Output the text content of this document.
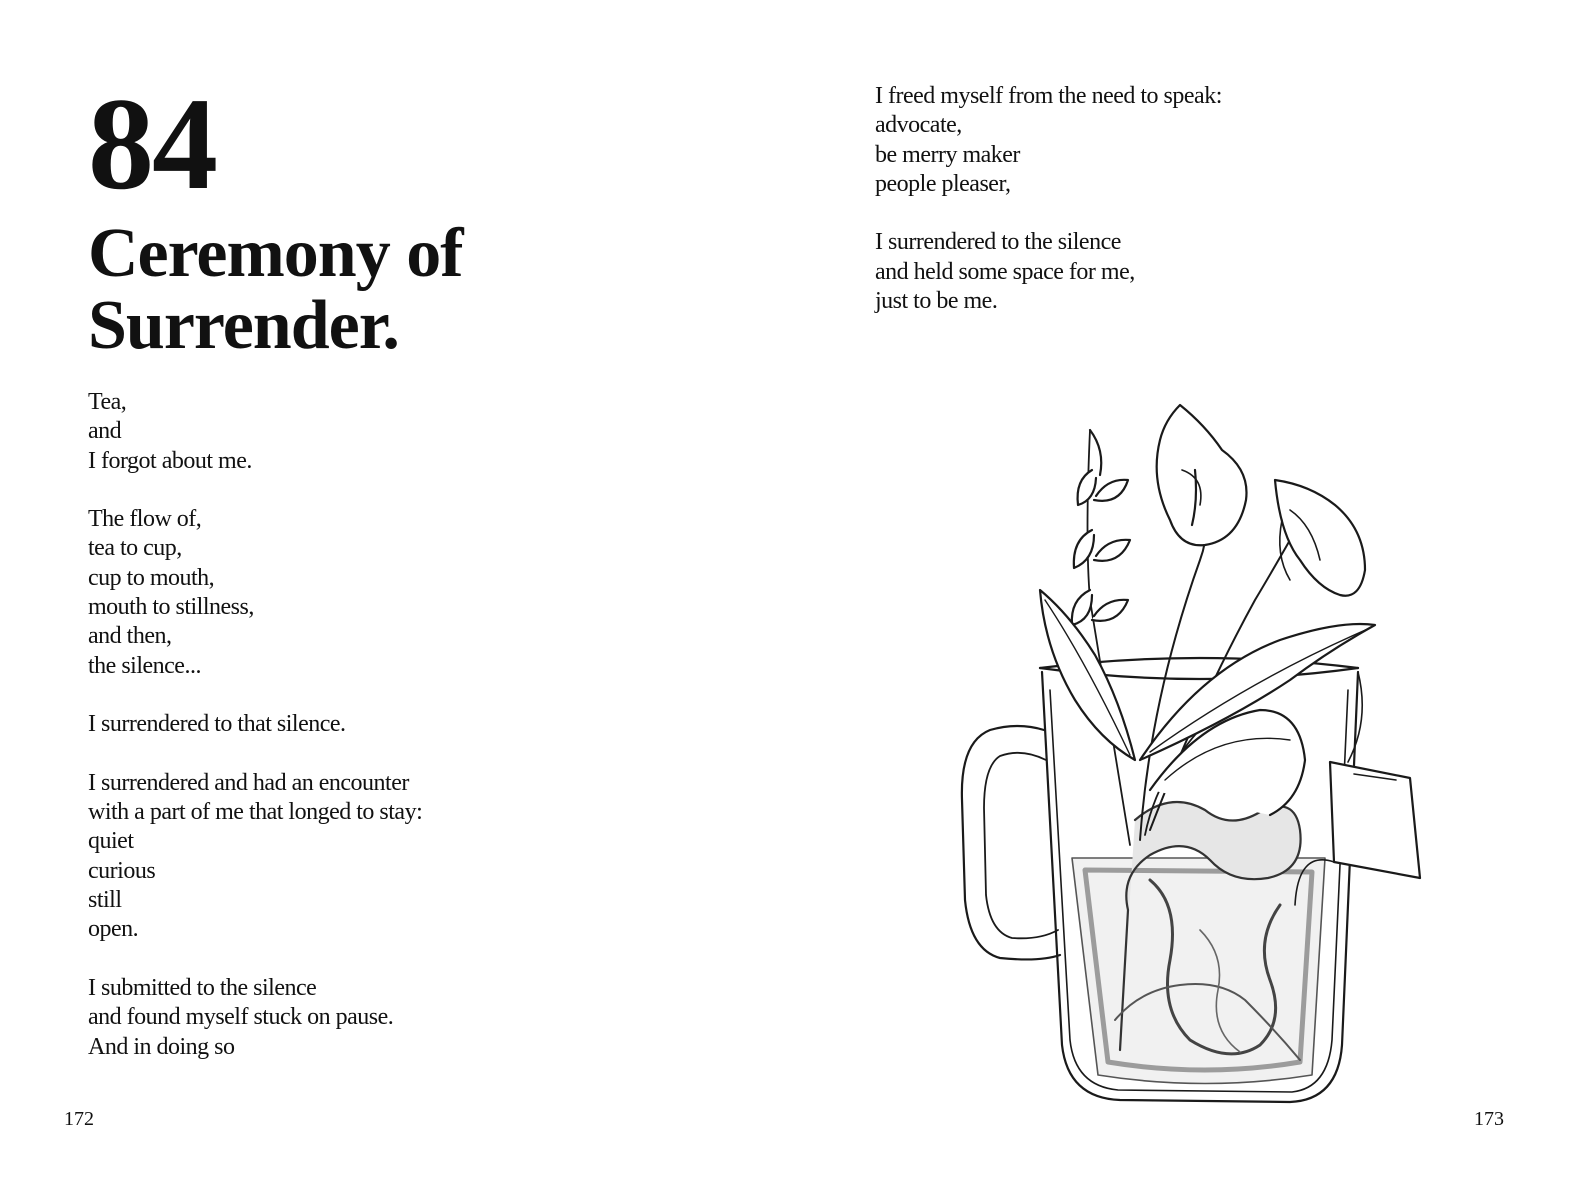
84
Ceremony of
Surrender.
Tea,
and
I forgot about me.
The flow of,
tea to cup,
cup to mouth,
mouth to stillness,
and then,
the silence...
I surrendered to that silence.
I surrendered and had an encounter
with a part of me that longed to stay:
quiet
curious
still
open.
I submitted to the silence
and found myself stuck on pause.
And in doing so
I freed myself from the need to speak:
advocate,
be merry maker
people pleaser,
I surrendered to the silence
and held some space for me,
just to be me.
172	173
